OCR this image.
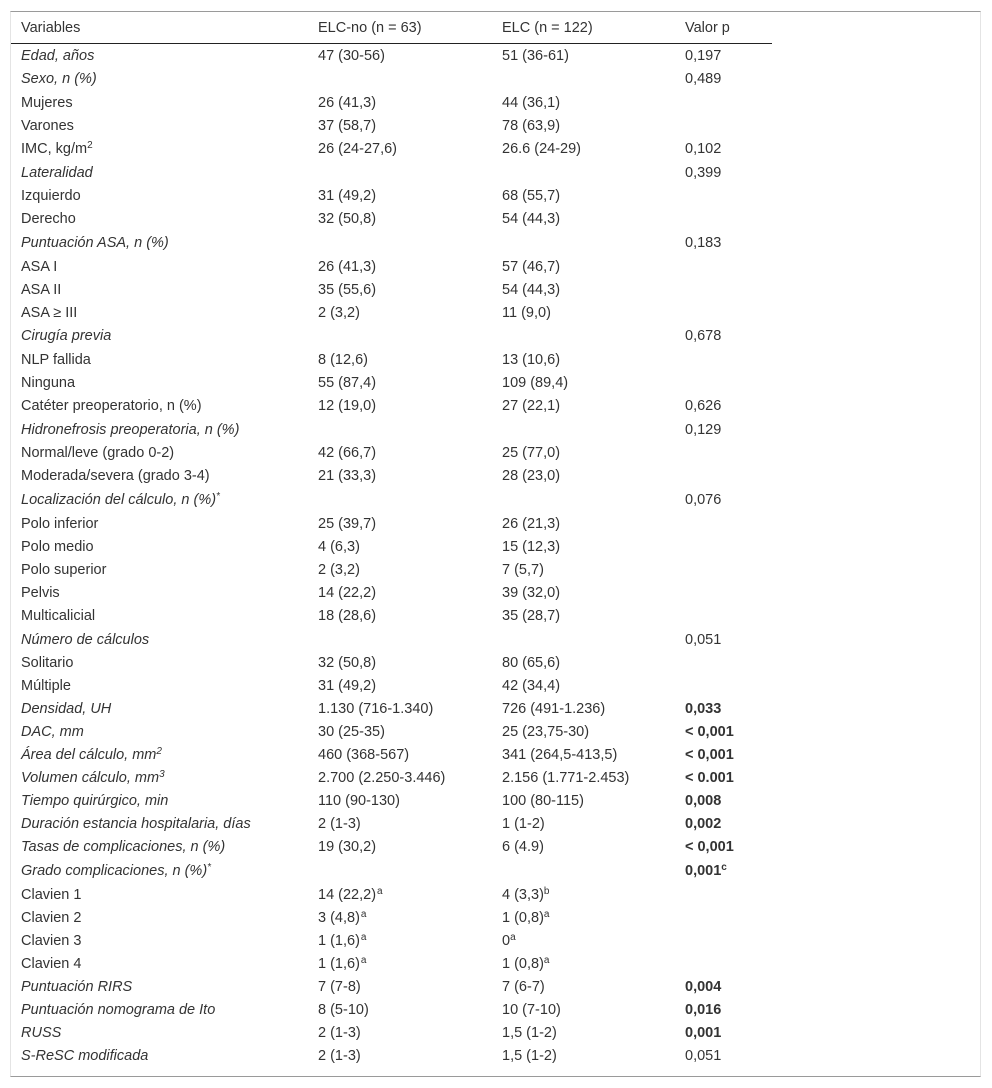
Variables	ELC-no (n = 63)	ELC (n = 122)	Valor p
Edad, años	47 (30-56)	51 (36-61)	0,197
Sexo, n (%)			0,489
Mujeres	26 (41,3)	44 (36,1)	
Varones	37 (58,7)	78 (63,9)	
IMC, $kg/m^2$	26 (24-27,6)	26.6 (24-29)	0,102
Lateralidad			0,399
Izquierdo	31 (49,2)	68 (55,7)	
Derecho	32 (50,8)	54 (44,3)	
Puntuación ASA, n (%)			0,183
ASA I	26 (41,3)	57 (46,7)	
ASA II	35 (55,6)	54 (44,3)	
ASA ≥ III	2 (3,2)	11 (9,0)	
Cirugía previa			0,678
NLP fallida	8 (12,6)	13 (10,6)	
Ninguna	55 (87,4)	109 (89,4)	
Catéter preoperatorio, n (%)	12 (19,0)	27 (22,1)	0,626
Hidronefrosis preoperatoria, n (%)			0,129
Normal/leve (grado 0-2)	42 (66,7)	25 (77,0)	
Moderada/severa (grado 3-4)	21 (33,3)	28 (23,0)	
Localización del cálculo, n (%)*			0,076
Polo inferior	25 (39,7)	26 (21,3)	
Polo medio	4 (6,3)	15 (12,3)	
Polo superior	2 (3,2)	7 (5,7)	
Pelvis	14 (22,2)	39 (32,0)	
Multicalicial	18 (28,6)	35 (28,7)	
Número de cálculos			0,051
Solitario	32 (50,8)	80 (65,6)	
Múltiple	31 (49,2)	42 (34,4)	
Densidad, UH	1.130 (716-1.340)	726 (491-1.236)	0,033
DAC, mm	30 (25-35)	25 (23,75-30)	< 0,001
Área del cálculo, $mm^2$	460 (368-567)	341 (264,5-413,5)	< 0,001
Volumen cálculo, $mm^3$	2.700 (2.250-3.446)	2.156 (1.771-2.453)	< 0.001
Tiempo quirúrgico, min	110 (90-130)	100 (80-115)	0,008
Duración estancia hospitalaria, días	2 (1-3)	1 (1-2)	0,002
Tasas de complicaciones, n (%)	19 (30,2)	6 (4.9)	< 0,001
Grado complicaciones, n (%)*			0,001$^c$
Clavien 1	14 $(22,2)^a$	4 $(3,3)^b$	
Clavien 2	3 $(4,8)^a$	1 $(0,8)^a$	
Clavien 3	1 $(1,6)^a$	0$^a$	
Clavien 4	1 $(1,6)^a$	1 $(0,8)^a$	
Puntuación RIRS	7 (7-8)	7 (6-7)	0,004
Puntuación nomograma de Ito	8 (5-10)	10 (7-10)	0,016
RUSS	2 (1-3)	1,5 (1-2)	0,001
S-ReSC modificada	2 (1-3)	1,5 (1-2)	0,051
